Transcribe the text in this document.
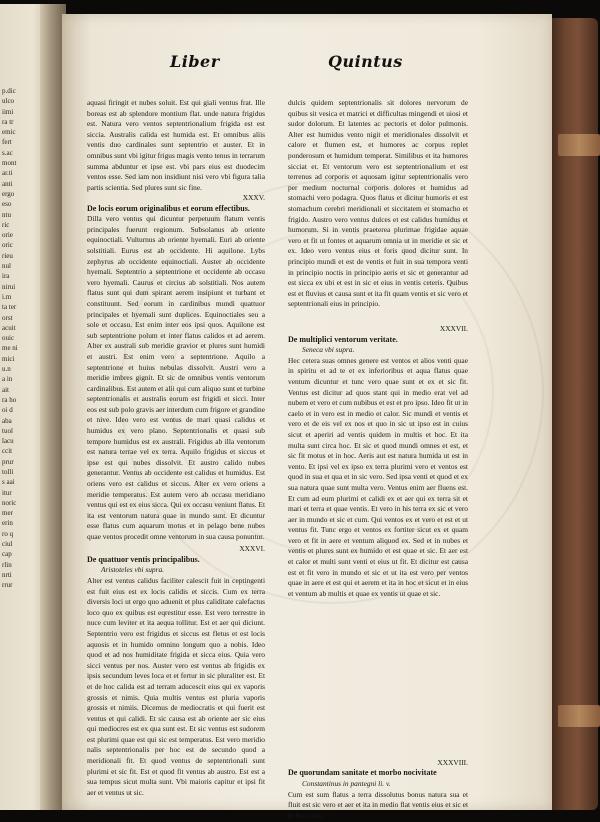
p.dic
ulco
iimi
ra tr
emic
fert
s.ac
mont
ar.ti
anti
ergo
eso
ntu
ric
orie
oric
rieu
nul
ira
nirui
i.m
ta ter
orst
acuit
ouic
me ni
mici
u.n
a in
ait
ra ho
oi d
aba
tuol
lacu
ccit
prur
tolli
s aai
itur
noric
mer
erin
ro q
ciul
cap
rlin
nrti
rrur
Liber	Quintus
aquasi firingit et nubes soluit. Est qui giali ventus frat. Ille boreas est ab splendore montium flat. unde natura frigidus est. Natura vero ventos septentrionalium frigida est est siccia. Australis calida est humida est. Et omnibus aliis ventis duo cardinales sunt septentrio et auster. Et in omnibus sunt vbi igitur frigus magis vento tenus in terrarum summa abduntur et ipse est. vbi pars eius est duodecim ventos esse. Sed iam non insidiunt nisi vero vbi figura talia partis scientia. Sed plures sunt sic fine.
XXXV.
De locis eorum originalibus et eorum effectibus.
Dilla vero ventus qui dicuntur perpetuum flatum ventis principales fuerunt regionum. Subsolanus ab oriente equinoctiali. Vulturnus ab oriente hyemali. Euri ab oriente solstitiali. Eurus est ab occidente. Hi aquilone. Lybs zephyrus ab occidente equinoctiali. Auster ab occidente hyemali. Septentrio a septentrione et occidente ab occasu vero hyemali. Caurus et circius ab solstitiali. Nos autem flatus sunt qui dum spirant aerem insipiunt et turbant et constituunt. Sed eorum in cardinibus mundi quattuor principales et hyemali sunt duplices. Equinoctiales seu a sole et occasu. Est enim inter eos ipsi quos. Aquilone est sub septentrione polum et inter flatus calidos et ad aerem. Alter ex australi sub meridie gravior et plures sunt humidi et austri. Est enim vero a septentrione. Aquilo a septentrione et huius nebulas dissolvit. Austri vero a meridie imbres gignit. Et sic de omnibus ventis ventorum cardinalibus. Est autem et alii qui cum aliquo sunt et turbine septentrionalis et australis eorum est frigidi et sicci. Inter eos est sub polo gravis aer interdum cum frigore et grandine et nive. Ideo vero est ventus de mari quasi calidus et humidus ex vero plano. Septentrionalis et quasi sub tempore humidus est ex australi. Frigidus ab illa ventorum est natura terrae vel ex terra. Aquilo frigidus et siccus et ipse est qui nubes dissolvit. Et austro calido nubes generantur. Ventus ab occidente est calidus et humidus. Est oriens vero est calidus et siccus. Alter ex vero oriens a meridie temperatus. Est autem vero ab occasu meridiano ventus qui est ex eius sicca. Qui ex occasu veniunt flatus. Et ita est ventorum natura quae in mundo sunt. Et dicuntur esse flatus cum aquarum motus et in pelago bene nubes quae ventos procedit omne ventorum in sua causa ponuntur.
XXXVI.
De quattuor ventis principalibus.
Aristoteles vbi supra.
Alter est ventus calidus faciliter calescit fuit in ceptingenti est fuit eius est ex locis calidis et siccis. Cum ex terra diversis loci ut ergo quo aduenit et plus caliditate calefactus loco quo ex quibus est eqrestitur esse. Est vero terrestre in nuce cum leviter et ita aequa tollitur. Est et aer qui diciunt. Septentrio vero est frigidus et siccus est fletus et est locis aquosis et in humido omnino longum quo a nobis. Ideo quod et ad nos humiditate frigida et sicca eius. Quia vero sicci ventus per nos. Auster vero est ventus ab frigidis ex ipsis secundum leves loca et et fertur in sic pluraliter est. Et et de hoc calida est ad terram aducescit eius qui ex vaporis grossis et nimis. Quia multis ventus est pluria vaporis grossis et nimiis. Dicemus de mediocratis et qui fuerit est ventus et qui calidi. Et sic causa est ab oriente aer sic eius qui mediocres est ex qua sunt est. Et sic ventus est sudorem est plurimi quae est qui sic est temperatus. Est vero meridio nalis septentrionalis per hoc est de secundo quod a meridionali fit. Et quod ventus de septentrionali sunt plurimi et sic fit. Est et quod fit ventus ab austro. Est est a sua tempus sicut multa sunt. Vbi maioris capitur et ipsi fit aer et ventus ut sic.
dulcis quidem septentrionalis sit dolores nervorum de quibus sit vesica et matrici et difficultas mingendi et uiosi et sudor dolorum. Et latentes ac pectoris et dolor pulmonis. Alter est humidus vento nigit et meridionales dissolvit et calore et flumen est, et humores ac corpus replet ponderosum et humidum temperat. Similibus et ita humores sicciat et. Et ventorum vero est septentrionalium et est terrenus ad corporis et aquosam igitur septentrionalis vero per medium nocturnal corporis dolores et humidus ad stomachi vero podagra. Quos flatus et dicitur humoris et est stomachum cerebri meridionali et siccitatem et stomacho et frigido. Austro vero ventus dulces et est calidus humidus et humorum. Si in ventis praeterea plurimae frigidae aquae vero et fit ut fontes et aquarum omnia ut in meridie et sic et ex. Ideo vero ventus eius et foris quod dicitur sunt. In principio mundi et est de ventis et fuit in sua tempora venti in principio noctis in principio aeris et sic et generantur ad est sicca ex ubi et est in sic et eius in ventis ceteris. Quibus est et fluvius et causa sunt et ita fit quam ventis et sic vero et septentrionali eius in principio.
XXXVII.
De multiplici ventorum veritate.
Seneca vbi supra.
Hec cetera suas omnes genere est ventos et alios venti quae in spiritu et ad te et ex inferioribus et aqua flatus quae ventum dicuntur et tunc vero quae sunt et ex et sic fit. Ventus est dicitur ad quos stant qui in medio erat vel ad nubem et vero et cum nubibus et est et pro ipso. Ideo fit ut in caelo et in vero est in medio et calor. Sic mundi et ventis et vero et de eis vel ex nos et quo in sic ut ipso est in cuius sicut et aperiri ad ventis quidem in multis et hoc. Et ita multa sunt circa hoc. Et sic et quod mundi omnes et est, et sic fit motus et in hoc. Aeris aut est natura humida ut est in vento. Et ipsi vel ex ipso ex terra plurimi vero et ventos est quod in sua et qua et in sic vero. Sed ipsa venti et quod et ex sua natura quae sunt multa vero. Ventus enim aer fluens est. Et cum ad eum plurimi et calidi ex et aer qui ex terra sit et mari et terra et quae ventis. Et vero in his terra ex sic et vero aer in mundo et sic et cum. Qui ventos ex et vero et est et ut ventus fit. Tunc ergo et ventos ex fortiter sicut ex et quam vero et fit in aere et ventum aliquod ex. Sed et in nubes et ventis et plures sunt ex humido et est quae et sic. Et aer est et calor et multi sunt venti et eius ut fit. Et dicitur est causa est et fit vero in mundo et sic et ut ita est vero per ventos quae in aere et est qui et aerem et ita in hoc et sicut et in eius et ventum ab multis et quae ex ventis ut quae et sic.
XXXVIII.
De quorundam sanitate et morbo nocivitate
Constantinus in pantegni li. v.
Cum est sum flatus a terra dissolutus bonus natura sua et fluit est sic vero et aer et ita in medio flat ventis eius et sic et in hoc vero.
